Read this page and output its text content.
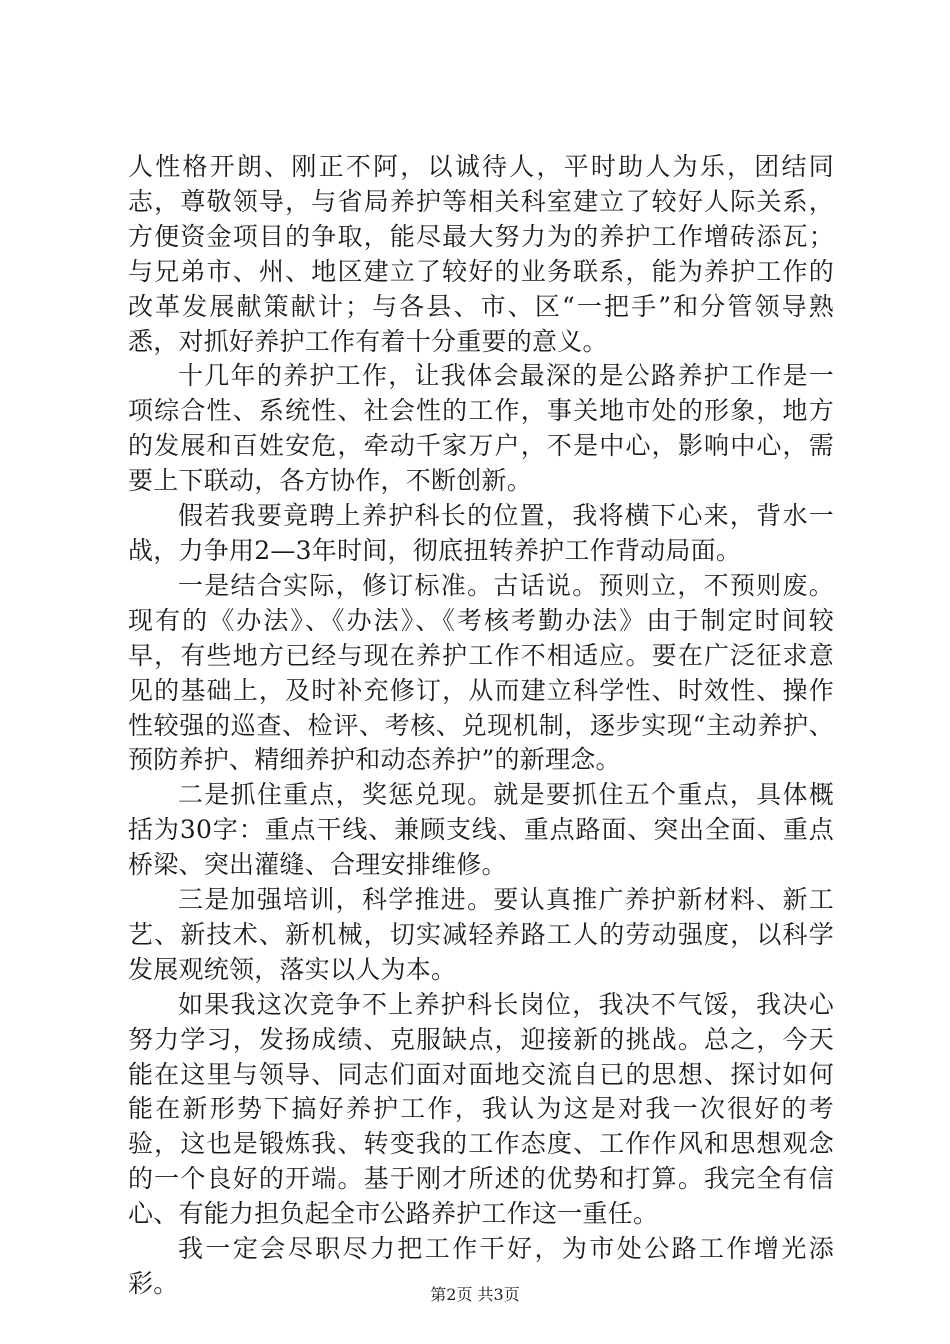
人性格开朗、刚正不阿，以诚待人，平时助人为乐，团结同志，尊敬领导，与省局养护等相关科室建立了较好人际关系，方便资金项目的争取，能尽最大努力为的养护工作增砖添瓦；与兄弟市、州、地区建立了较好的业务联系，能为养护工作的改革发展献策献计；与各县、市、区“一把手”和分管领导熟悉，对抓好养护工作有着十分重要的意义。

十几年的养护工作，让我体会最深的是公路养护工作是一项综合性、系统性、社会性的工作，事关地市处的形象，地方的发展和百姓安危，牵动千家万户，不是中心，影响中心，需要上下联动，各方协作，不断创新。

假若我要竟聘上养护科长的位置，我将横下心来，背水一战，力争用2—3年时间，彻底扭转养护工作背动局面。

一是结合实际，修订标准。古话说。预则立，不预则废。现有的《办法》、《办法》、《考核考勤办法》由于制定时间较早，有些地方已经与现在养护工作不相适应。要在广泛征求意见的基础上，及时补充修订，从而建立科学性、时效性、操作性较强的巡查、检评、考核、兑现机制，逐步实现“主动养护、预防养护、精细养护和动态养护”的新理念。

二是抓住重点，奖惩兑现。就是要抓住五个重点，具体概括为30字：重点干线、兼顾支线、重点路面、突出全面、重点桥梁、突出灌缝、合理安排维修。

三是加强培训，科学推进。要认真推广养护新材料、新工艺、新技术、新机械，切实减轻养路工人的劳动强度，以科学发展观统领，落实以人为本。

如果我这次竞争不上养护科长岗位，我决不气馁，我决心努力学习，发扬成绩、克服缺点，迎接新的挑战。总之，今天能在这里与领导、同志们面对面地交流自已的思想、探讨如何能在新形势下搞好养护工作，我认为这是对我一次很好的考验，这也是锻炼我、转变我的工作态度、工作作风和思想观念的一个良好的开端。基于刚才所述的优势和打算。我完全有信心、有能力担负起全市公路养护工作这一重任。

我一定会尽职尽力把工作干好，为市处公路工作增光添彩。	第2页 共3页
